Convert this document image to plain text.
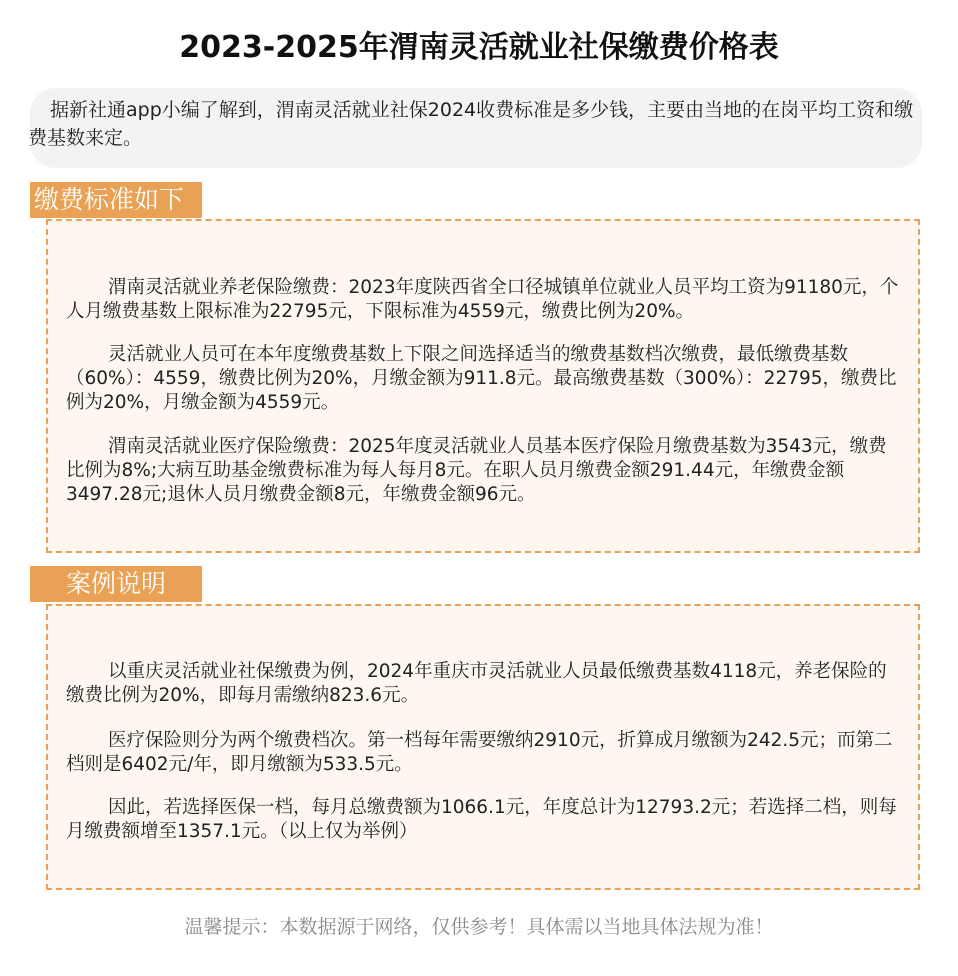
2023-2025年渭南灵活就业社保缴费价格表
据新社通app小编了解到，渭南灵活就业社保2024收费标准是多少钱，主要由当地的在岗平均工资和缴费基数来定。
缴费标准如下
渭南灵活就业养老保险缴费：2023年度陕西省全口径城镇单位就业人员平均工资为91180元，个人月缴费基数上限标准为22795元，下限标准为4559元，缴费比例为20%。
灵活就业人员可在本年度缴费基数上下限之间选择适当的缴费基数档次缴费，最低缴费基数（60%）：4559，缴费比例为20%，月缴金额为911.8元。最高缴费基数（300%）：22795，缴费比例为20%，月缴金额为4559元。
渭南灵活就业医疗保险缴费：2025年度灵活就业人员基本医疗保险月缴费基数为3543元，缴费比例为8%;大病互助基金缴费标准为每人每月8元。在职人员月缴费金额291.44元，年缴费金额3497.28元;退休人员月缴费金额8元，年缴费金额96元。
案例说明
以重庆灵活就业社保缴费为例，2024年重庆市灵活就业人员最低缴费基数4118元，养老保险的缴费比例为20%，即每月需缴纳823.6元。
医疗保险则分为两个缴费档次。第一档每年需要缴纳2910元，折算成月缴额为242.5元；而第二档则是6402元/年，即月缴额为533.5元。
因此，若选择医保一档，每月总缴费额为1066.1元，年度总计为12793.2元；若选择二档，则每月缴费额增至1357.1元。（以上仅为举例）
温馨提示：本数据源于网络，仅供参考！具体需以当地具体法规为准！
